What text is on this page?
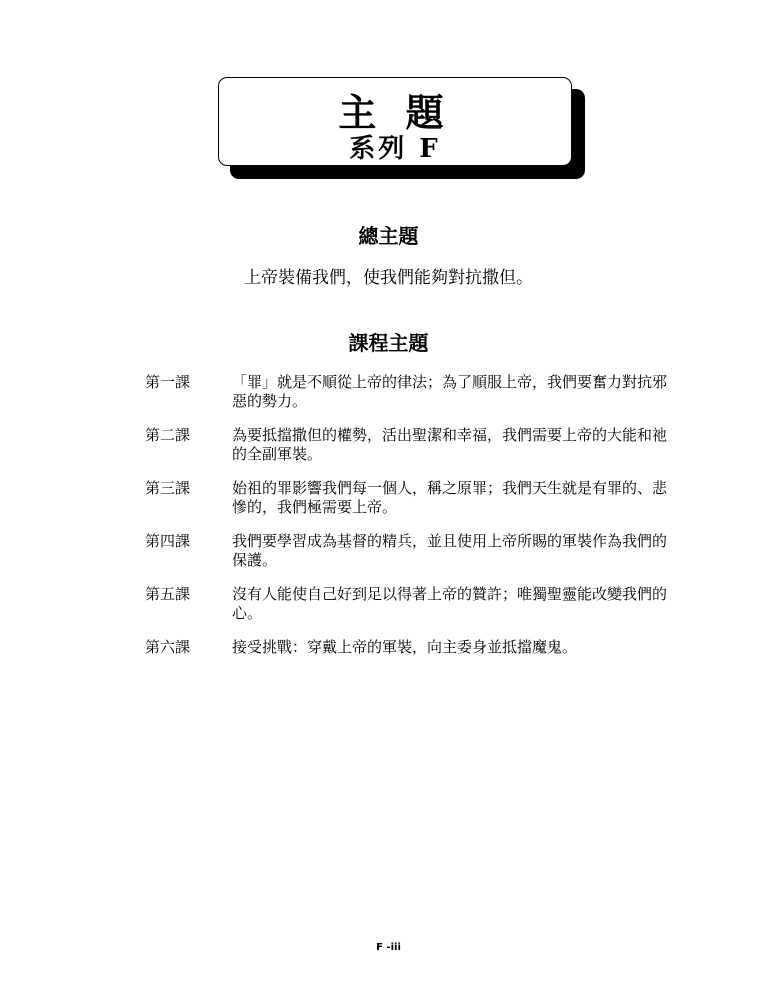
主 題
系列 F
總主題
上帝裝備我們，使我們能夠對抗撒但。
課程主題
第一課	「罪」就是不順從上帝的律法；為了順服上帝，我們要奮力對抗邪惡的勢力。
第二課	為要抵擋撒但的權勢，活出聖潔和幸福，我們需要上帝的大能和祂的全副軍裝。
第三課	始祖的罪影響我們每一個人，稱之原罪；我們天生就是有罪的、悲慘的，我們極需要上帝。
第四課	我們要學習成為基督的精兵，並且使用上帝所賜的軍裝作為我們的保護。
第五課	沒有人能使自己好到足以得著上帝的贊許；唯獨聖靈能改變我們的心。
第六課	接受挑戰：穿戴上帝的軍裝，向主委身並抵擋魔鬼。
F -iii
